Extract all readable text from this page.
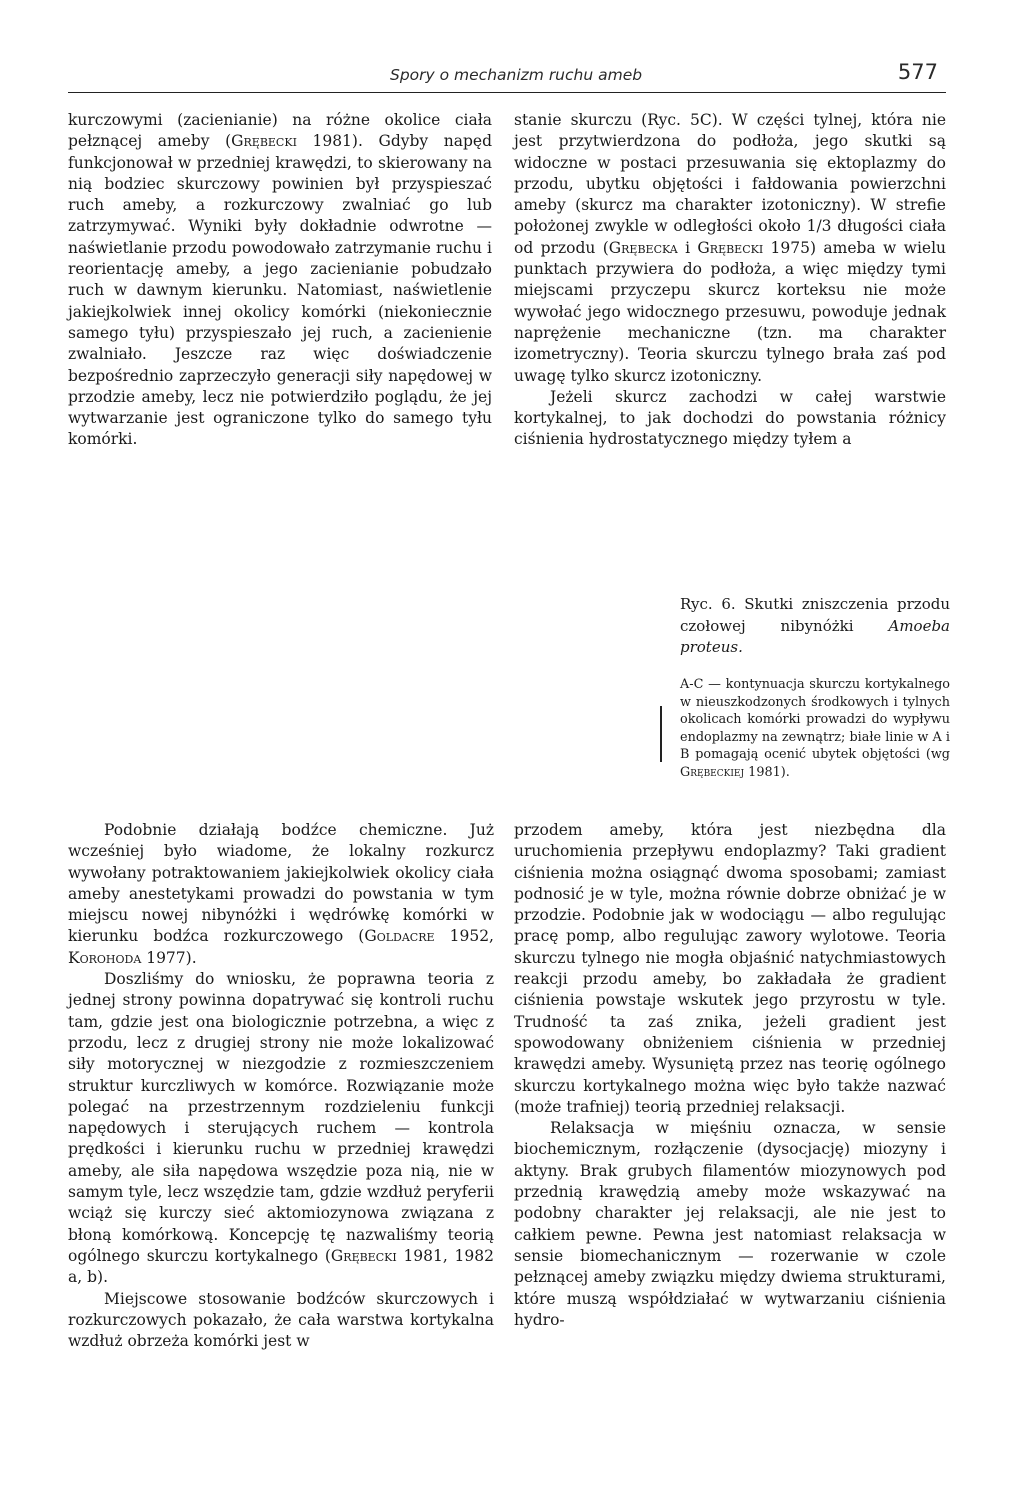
Spory o mechanizm ruchu ameb	577

kurczowymi (zacienianie) na różne okolice ciała pełznącej ameby (Grębecki 1981). Gdyby napęd funkcjonował w przedniej krawędzi, to skierowany na nią bodziec skurczowy powinien był przyspieszać ruch ameby, a rozkurczowy zwalniać go lub zatrzymywać. Wyniki były dokładnie odwrotne — naświetlanie przodu powodowało zatrzymanie ruchu i reorientację ameby, a jego zacienianie pobudzało ruch w dawnym kierunku. Natomiast, naświetlenie jakiejkolwiek innej okolicy komórki (niekoniecznie samego tyłu) przyspieszało jej ruch, a zacienienie zwalniało. Jeszcze raz więc doświadczenie bezpośrednio zaprzeczyło generacji siły napędowej w przodzie ameby, lecz nie potwierdziło poglądu, że jej wytwarzanie jest ograniczone tylko do samego tyłu komórki.

stanie skurczu (Ryc. 5C). W części tylnej, która nie jest przytwierdzona do podłoża, jego skutki są widoczne w postaci przesuwania się ektoplazmy do przodu, ubytku objętości i fałdowania powierzchni ameby (skurcz ma charakter izotoniczny). W strefie położonej zwykle w odległości około 1/3 długości ciała od przodu (Grębecka i Grębecki 1975) ameba w wielu punktach przywiera do podłoża, a więc między tymi miejscami przyczepu skurcz korteksu nie może wywołać jego widocznego przesuwu, powoduje jednak naprężenie mechaniczne (tzn. ma charakter izometryczny). Teoria skurczu tylnego brała zaś pod uwagę tylko skurcz izotoniczny.

Jeżeli skurcz zachodzi w całej warstwie kortykalnej, to jak dochodzi do powstania różnicy ciśnienia hydrostatycznego między tyłem a

Ryc. 6. Skutki zniszczenia przodu czołowej nibynóżki Amoeba proteus.

A-C — kontynuacja skurczu kortykalnego w nieuszkodzonych środkowych i tylnych okolicach komórki prowadzi do wypływu endoplazmy na zewnątrz; białe linie w A i B pomagają ocenić ubytek objętości (wg Grębeckiej 1981).

Podobnie działają bodźce chemiczne. Już wcześniej było wiadome, że lokalny rozkurcz wywołany potraktowaniem jakiejkolwiek okolicy ciała ameby anestetykami prowadzi do powstania w tym miejscu nowej nibynóżki i wędrówkę komórki w kierunku bodźca rozkurczowego (Goldacre 1952, Korohoda 1977).

Doszliśmy do wniosku, że poprawna teoria z jednej strony powinna dopatrywać się kontroli ruchu tam, gdzie jest ona biologicznie potrzebna, a więc z przodu, lecz z drugiej strony nie może lokalizować siły motorycznej w niezgodzie z rozmieszczeniem struktur kurczliwych w komórce. Rozwiązanie może polegać na przestrzennym rozdzieleniu funkcji napędowych i sterujących ruchem — kontrola prędkości i kierunku ruchu w przedniej krawędzi ameby, ale siła napędowa wszędzie poza nią, nie w samym tyle, lecz wszędzie tam, gdzie wzdłuż peryferii wciąż się kurczy sieć aktomiozynowa związana z błoną komórkową. Koncepcję tę nazwaliśmy teorią ogólnego skurczu kortykalnego (Grębecki 1981, 1982 a, b).

Miejscowe stosowanie bodźców skurczowych i rozkurczowych pokazało, że cała warstwa kortykalna wzdłuż obrzeża komórki jest w

przodem ameby, która jest niezbędna dla uruchomienia przepływu endoplazmy? Taki gradient ciśnienia można osiągnąć dwoma sposobami; zamiast podnosić je w tyle, można równie dobrze obniżać je w przodzie. Podobnie jak w wodociągu — albo regulując pracę pomp, albo regulując zawory wylotowe. Teoria skurczu tylnego nie mogła objaśnić natychmiastowych reakcji przodu ameby, bo zakładała że gradient ciśnienia powstaje wskutek jego przyrostu w tyle. Trudność ta zaś znika, jeżeli gradient jest spowodowany obniżeniem ciśnienia w przedniej krawędzi ameby. Wysuniętą przez nas teorię ogólnego skurczu kortykalnego można więc było także nazwać (może trafniej) teorią przedniej relaksacji.

Relaksacja w mięśniu oznacza, w sensie biochemicznym, rozłączenie (dysocjację) miozyny i aktyny. Brak grubych filamentów miozynowych pod przednią krawędzią ameby może wskazywać na podobny charakter jej relaksacji, ale nie jest to całkiem pewne. Pewna jest natomiast relaksacja w sensie biomechanicznym — rozerwanie w czole pełznącej ameby związku między dwiema strukturami, które muszą współdziałać w wytwarzaniu ciśnienia hydro-
